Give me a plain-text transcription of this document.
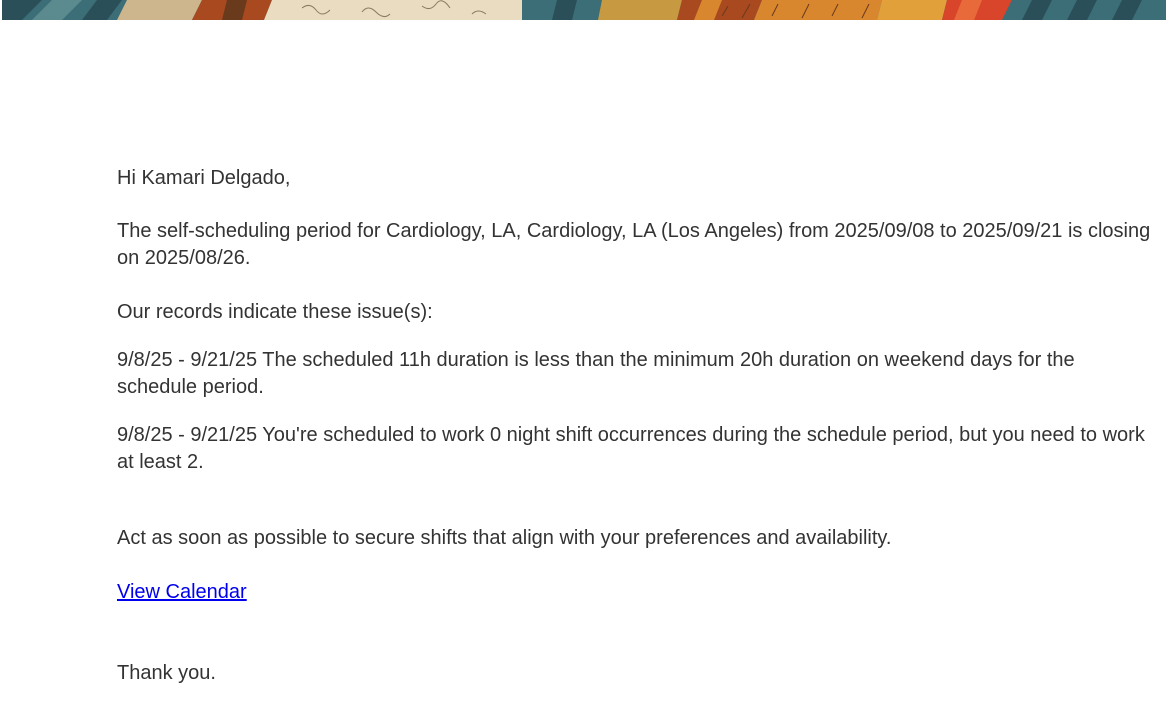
Hi Kamari Delgado,

The self-scheduling period for Cardiology, LA, Cardiology, LA (Los Angeles) from 2025/09/08 to 2025/09/21 is closing on 2025/08/26.

Our records indicate these issue(s):

9/8/25 - 9/21/25 The scheduled 11h duration is less than the minimum 20h duration on weekend days for the schedule period.

9/8/25 - 9/21/25 You're scheduled to work 0 night shift occurrences during the schedule period, but you need to work at least 2.

Act as soon as possible to secure shifts that align with your preferences and availability.

View Calendar

Thank you.
